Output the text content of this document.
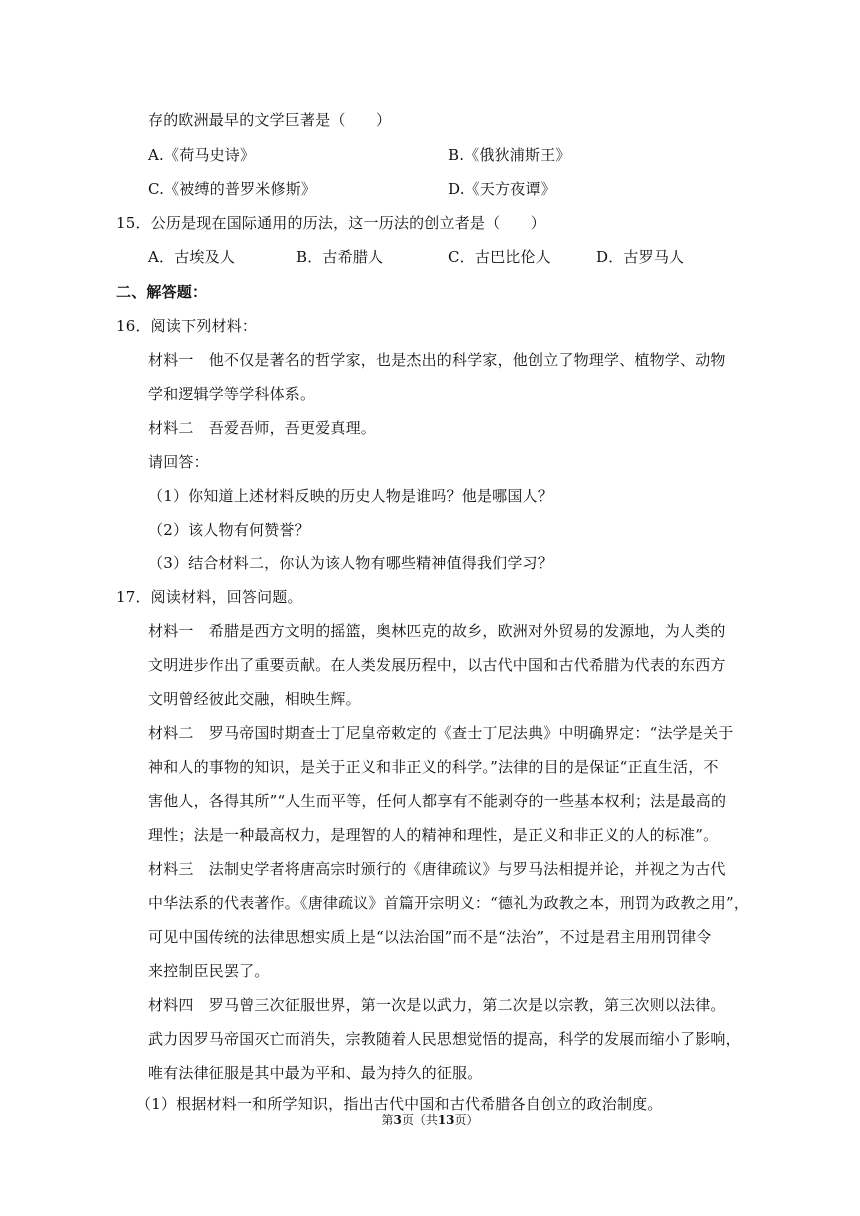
存的欧洲最早的文学巨著是（　　）
A.《荷马史诗》	B.《俄狄浦斯王》
C.《被缚的普罗米修斯》	D.《天方夜谭》
15．公历是现在国际通用的历法，这一历法的创立者是（　　）
A．古埃及人	B．古希腊人	C．古巴比伦人	D．古罗马人
二、解答题：
16．阅读下列材料：
材料一　他不仅是著名的哲学家，也是杰出的科学家，他创立了物理学、植物学、动物
学和逻辑学等学科体系。
材料二　吾爱吾师，吾更爱真理。
请回答：
（1）你知道上述材料反映的历史人物是谁吗？他是哪国人？
（2）该人物有何赞誉？
（3）结合材料二，你认为该人物有哪些精神值得我们学习？
17．阅读材料，回答问题。
材料一　希腊是西方文明的摇篮，奥林匹克的故乡，欧洲对外贸易的发源地，为人类的
文明进步作出了重要贡献。在人类发展历程中，以古代中国和古代希腊为代表的东西方
文明曾经彼此交融，相映生辉。
材料二　罗马帝国时期查士丁尼皇帝敕定的《查士丁尼法典》中明确界定：“法学是关于
神和人的事物的知识，是关于正义和非正义的科学。”法律的目的是保证“正直生活，不
害他人，各得其所”“人生而平等，任何人都享有不能剥夺的一些基本权利；法是最高的
理性；法是一种最高权力，是理智的人的精神和理性，是正义和非正义的人的标准”。
材料三　法制史学者将唐高宗时颁行的《唐律疏议》与罗马法相提并论，并视之为古代
中华法系的代表著作。《唐律疏议》首篇开宗明义：“德礼为政教之本，刑罚为政教之用”，
可见中国传统的法律思想实质上是“以法治国”而不是“法治”，不过是君主用刑罚律令
来控制臣民罢了。
材料四　罗马曾三次征服世界，第一次是以武力，第二次是以宗教，第三次则以法律。
武力因罗马帝国灭亡而消失，宗教随着人民思想觉悟的提高，科学的发展而缩小了影响，
唯有法律征服是其中最为平和、最为持久的征服。
（1）根据材料一和所学知识，指出古代中国和古代希腊各自创立的政治制度。
第3页（共13页）
